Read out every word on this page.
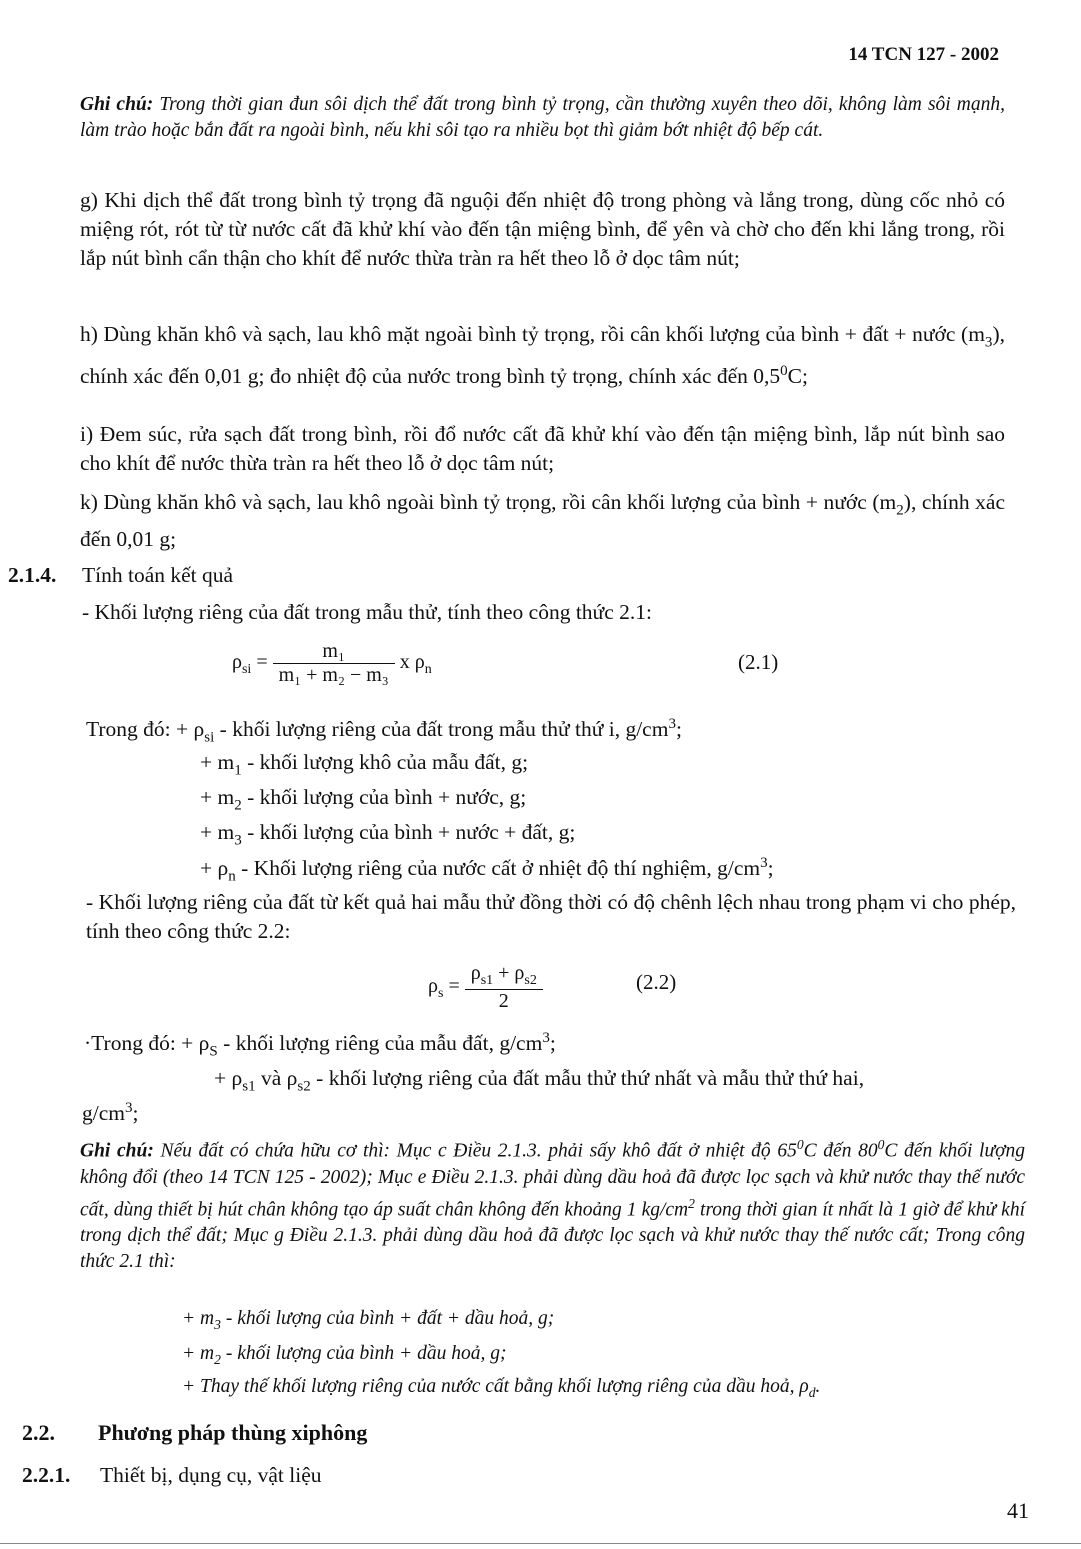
14 TCN 127 - 2002
Ghi chú: Trong thời gian đun sôi dịch thể đất trong bình tỷ trọng, cần thường xuyên theo dõi, không làm sôi mạnh, làm trào hoặc bắn đất ra ngoài bình, nếu khi sôi tạo ra nhiều bọt thì giảm bớt nhiệt độ bếp cát.
g) Khi dịch thể đất trong bình tỷ trọng đã nguội đến nhiệt độ trong phòng và lắng trong, dùng cốc nhỏ có miệng rót, rót từ từ nước cất đã khử khí vào đến tận miệng bình, để yên và chờ cho đến khi lắng trong, rồi lắp nút bình cẩn thận cho khít để nước thừa tràn ra hết theo lỗ ở dọc tâm nút;
h) Dùng khăn khô và sạch, lau khô mặt ngoài bình tỷ trọng, rồi cân khối lượng của bình + đất + nước $(m_3)$, chính xác đến 0,01 g; đo nhiệt độ của nước trong bình tỷ trọng, chính xác đến $0,5^0C$;
i) Đem súc, rửa sạch đất trong bình, rồi đổ nước cất đã khử khí vào đến tận miệng bình, lắp nút bình sao cho khít để nước thừa tràn ra hết theo lỗ ở dọc tâm nút;
k) Dùng khăn khô và sạch, lau khô ngoài bình tỷ trọng, rồi cân khối lượng của bình + nước $(m_2)$, chính xác đến 0,01 g;
2.1.4. Tính toán kết quả
- Khối lượng riêng của đất trong mẫu thử, tính theo công thức 2.1:
$\rho_{si} = \frac{\text{m₁}}{\text{m₁ + m₂ − m₃}}$ x $\rho_n$	(2.1)
Trong đó: + $\rho_{si}$ - khối lượng riêng của đất trong mẫu thử thứ i, $g/cm^3$;
+ $m_1$ - khối lượng khô của mẫu đất, g;
+ $m_2$ - khối lượng của bình + nước, g;
+ $m_3$ - khối lượng của bình + nước + đất, g;
+ $\rho_n$ - Khối lượng riêng của nước cất ở nhiệt độ thí nghiệm, $g/cm^3$;
- Khối lượng riêng của đất từ kết quả hai mẫu thử đồng thời có độ chênh lệch nhau trong phạm vi cho phép, tính theo công thức 2.2:
$\rho_s = \frac{\rho_{s1} + \rho_{s2}}{2}$	(2.2)
·Trong đó: + $\rho_S$ - khối lượng riêng của mẫu đất, $g/cm^3$;
+ $\rho_{s1}$ và $\rho_{s2}$ - khối lượng riêng của đất mẫu thử thứ nhất và mẫu thử thứ hai,
$g/cm^3$;
Ghi chú: Nếu đất có chứa hữu cơ thì: Mục c Điều 2.1.3. phải sấy khô đất ở nhiệt độ $65^0C$ đến $80^0C$ đến khối lượng không đổi (theo 14 TCN 125 - 2002); Mục e Điều 2.1.3. phải dùng dầu hoả đã được lọc sạch và khử nước thay thế nước cất, dùng thiết bị hút chân không tạo áp suất chân không đến khoảng 1 $kg/cm^2$ trong thời gian ít nhất là 1 giờ để khử khí trong dịch thể đất; Mục g Điều 2.1.3. phải dùng dầu hoả đã được lọc sạch và khử nước thay thế nước cất; Trong công thức 2.1 thì:
+ $m_3$ - khối lượng của bình + đất + dầu hoả, g;
+ $m_2$ - khối lượng của bình + dầu hoả, g;
+ Thay thế khối lượng riêng của nước cất bằng khối lượng riêng của dầu hoả, $\rho_d$.
2.2. Phương pháp thùng xiphông
2.2.1. Thiết bị, dụng cụ, vật liệu
41
